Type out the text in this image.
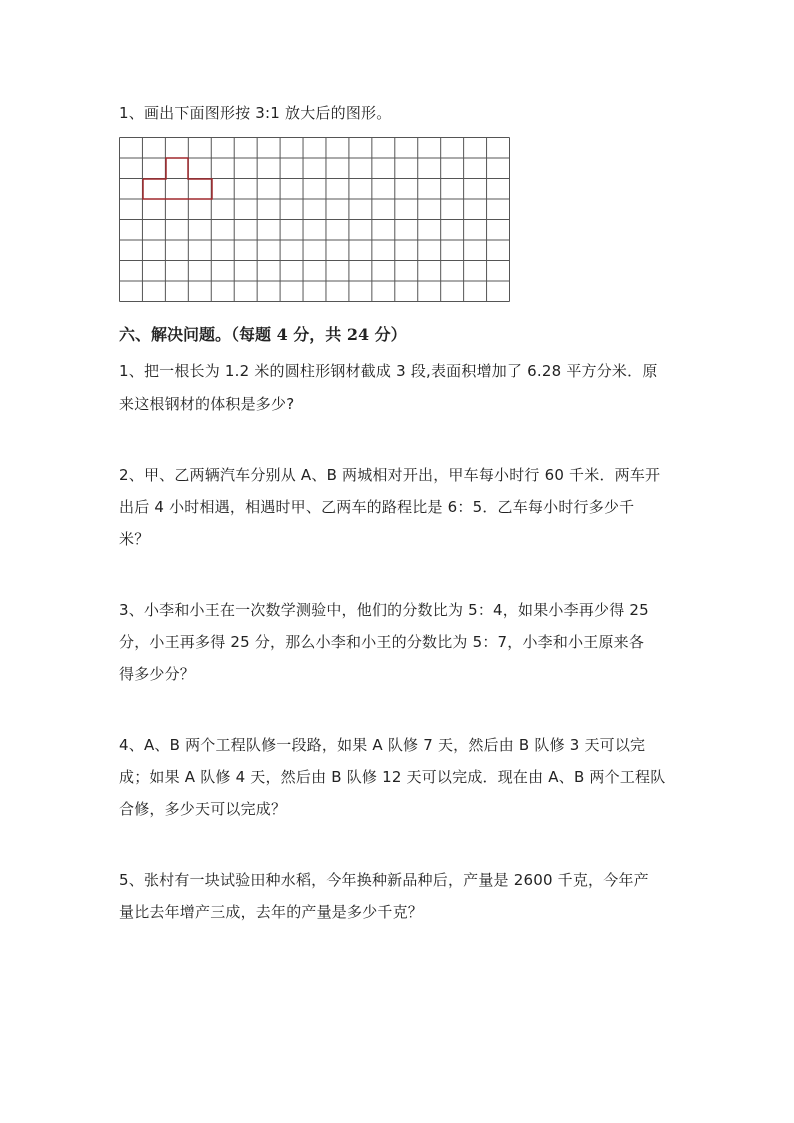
1、画出下面图形按 3:1 放大后的图形。
六、解决问题。（每题 4 分，共 24 分）
1、把一根长为 1.2 米的圆柱形钢材截成 3 段,表面积增加了 6.28 平方分米．原
来这根钢材的体积是多少?
2、甲、乙两辆汽车分别从 A、B 两城相对开出，甲车每小时行 60 千米．两车开
出后 4 小时相遇，相遇时甲、乙两车的路程比是 6：5．乙车每小时行多少千
米？
3、小李和小王在一次数学测验中，他们的分数比为 5：4，如果小李再少得 25
分，小王再多得 25 分，那么小李和小王的分数比为 5：7，小李和小王原来各
得多少分？
4、A、B 两个工程队修一段路，如果 A 队修 7 天，然后由 B 队修 3 天可以完
成；如果 A 队修 4 天，然后由 B 队修 12 天可以完成．现在由 A、B 两个工程队
合修，多少天可以完成？
5、张村有一块试验田种水稻，今年换种新品种后，产量是 2600 千克，今年产
量比去年增产三成，去年的产量是多少千克？
